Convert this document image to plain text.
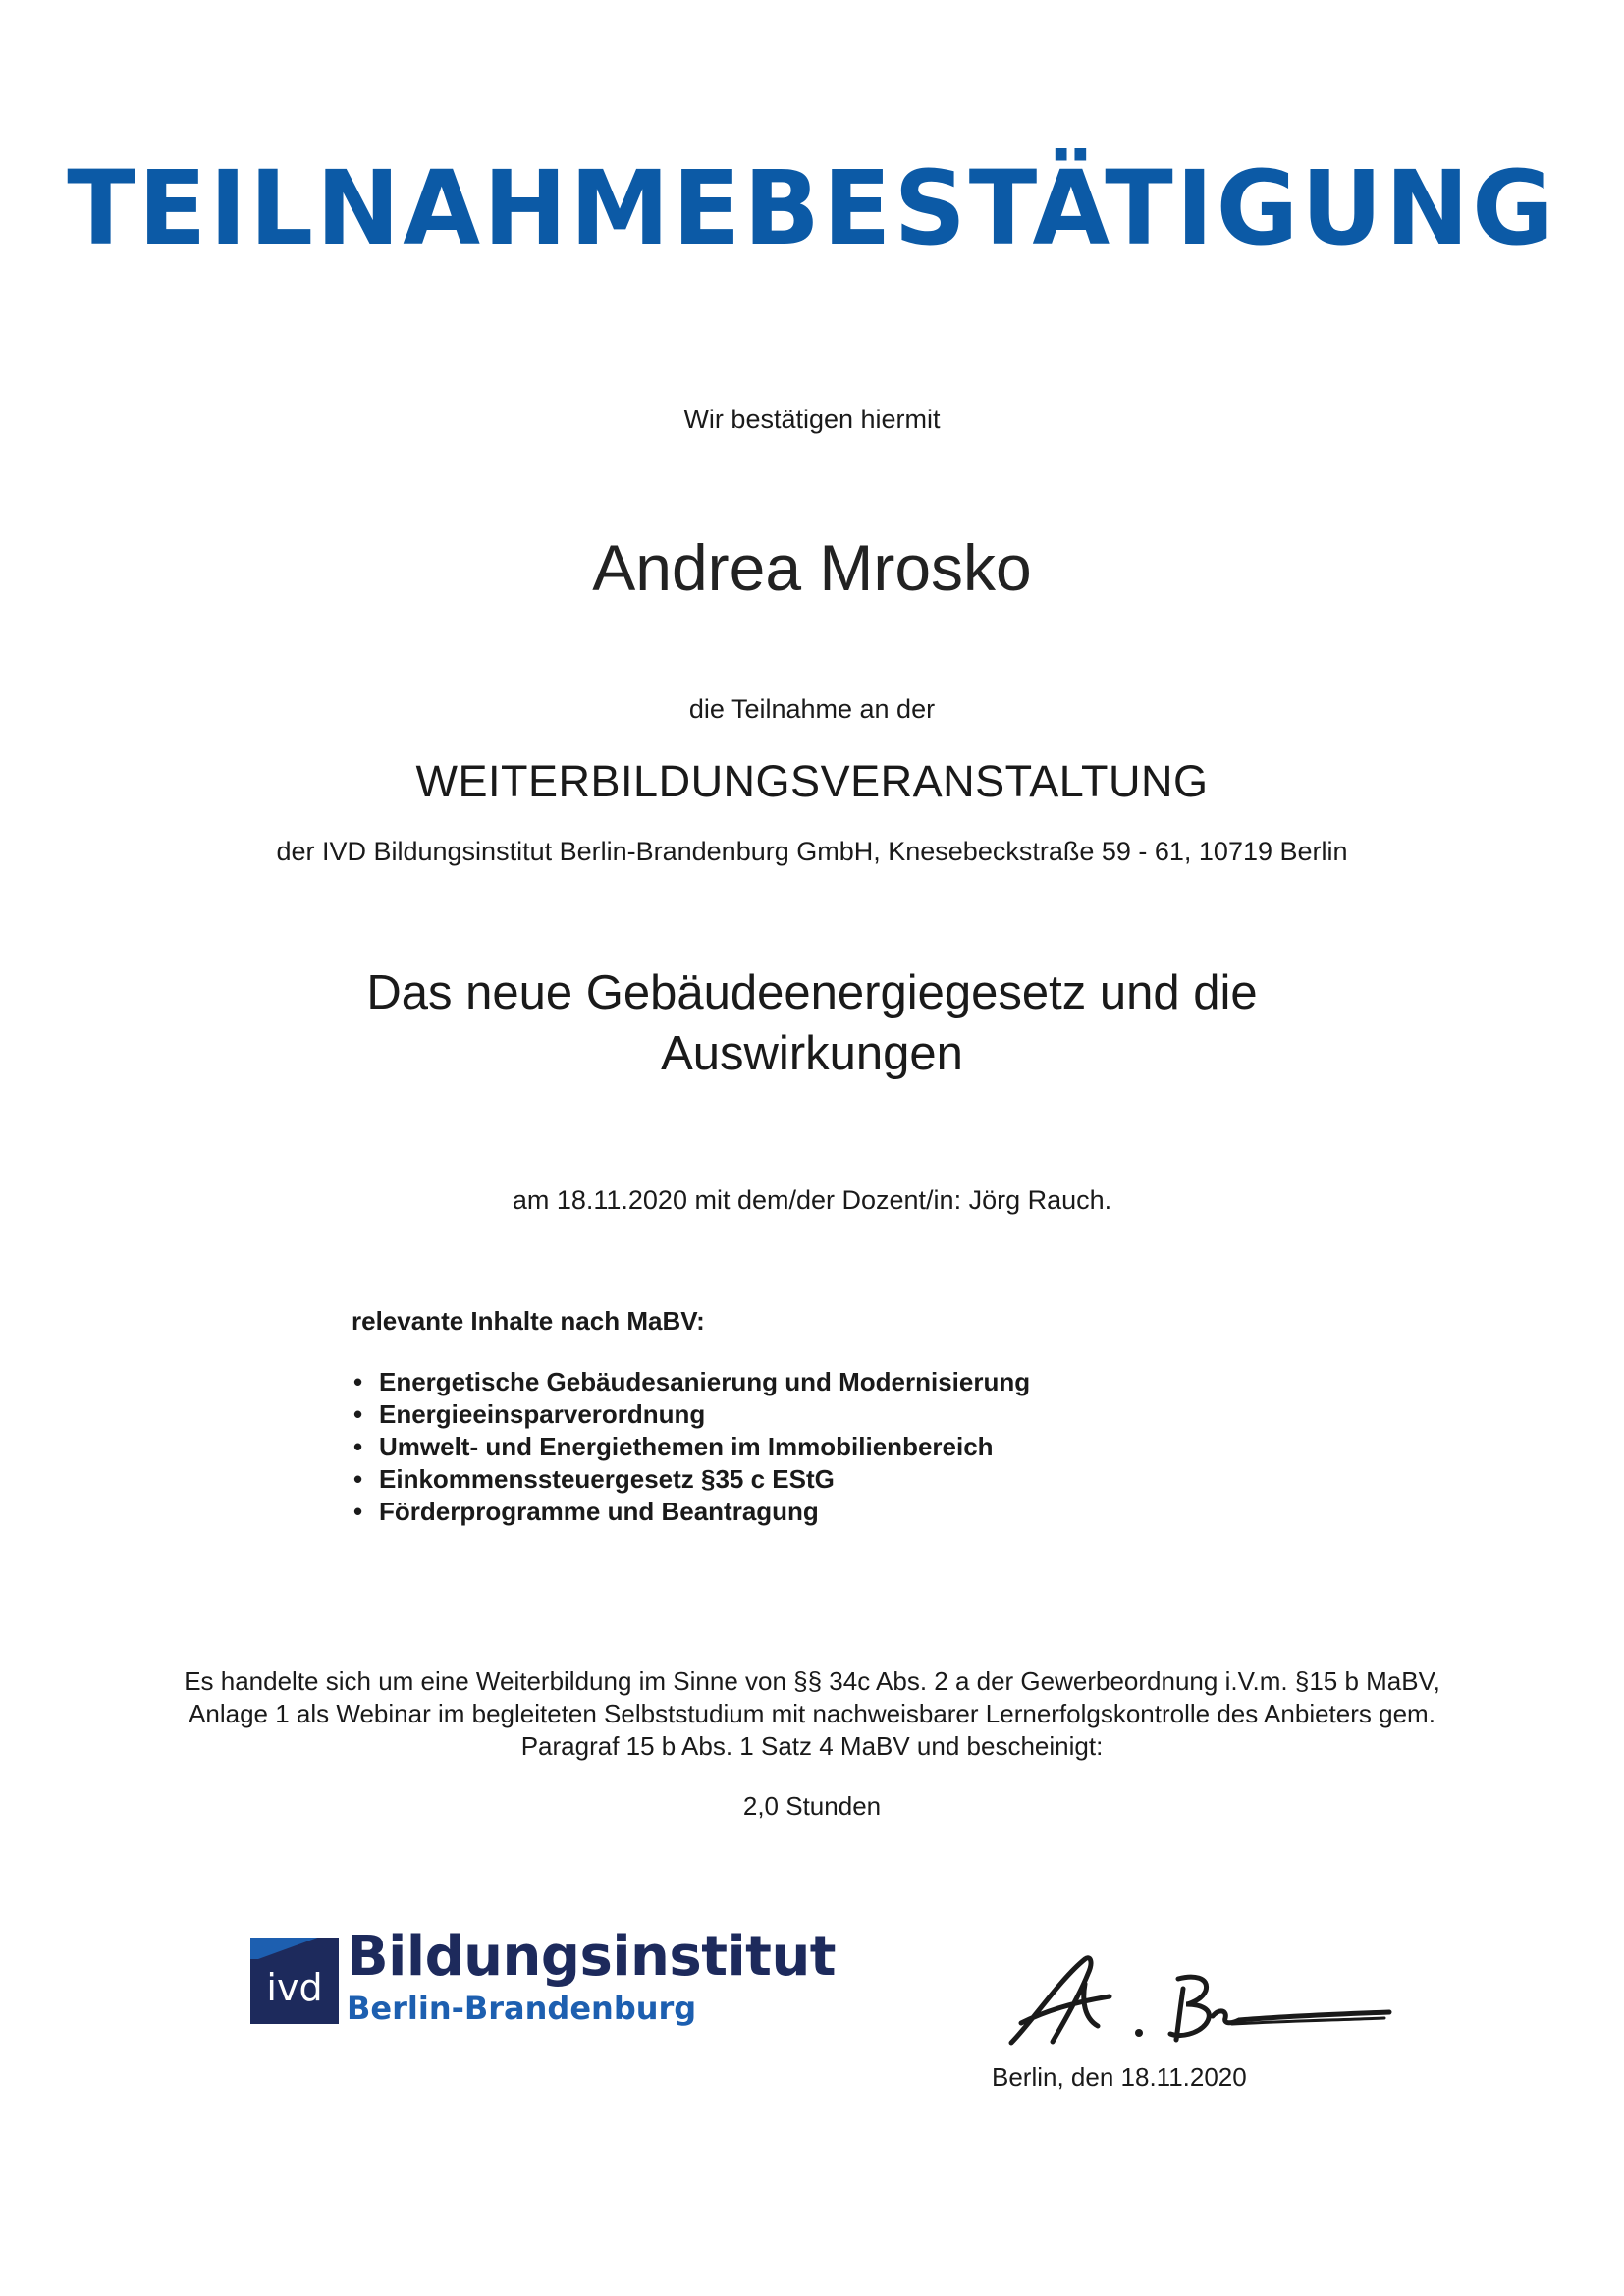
TEILNAHMEBESTÄTIGUNG
Wir bestätigen hiermit
Andrea Mrosko
die Teilnahme an der
WEITERBILDUNGSVERANSTALTUNG
der IVD Bildungsinstitut Berlin-Brandenburg GmbH, Knesebeckstraße 59 - 61, 10719 Berlin
Das neue Gebäudeenergiegesetz und die
Auswirkungen
am 18.11.2020 mit dem/der Dozent/in: Jörg Rauch.
relevante Inhalte nach MaBV:
• Energetische Gebäudesanierung und Modernisierung
• Energieeinsparverordnung
• Umwelt- und Energiethemen im Immobilienbereich
• Einkommenssteuergesetz §35 c EStG
• Förderprogramme und Beantragung
Es handelte sich um eine Weiterbildung im Sinne von §§ 34c Abs. 2 a der Gewerbeordnung i.V.m. §15 b MaBV,
Anlage 1 als Webinar im begleiteten Selbststudium mit nachweisbarer Lernerfolgskontrolle des Anbieters gem.
Paragraf 15 b Abs. 1 Satz 4 MaBV und bescheinigt:
2,0 Stunden
ivd Bildungsinstitut
Berlin-Brandenburg
Berlin, den 18.11.2020
